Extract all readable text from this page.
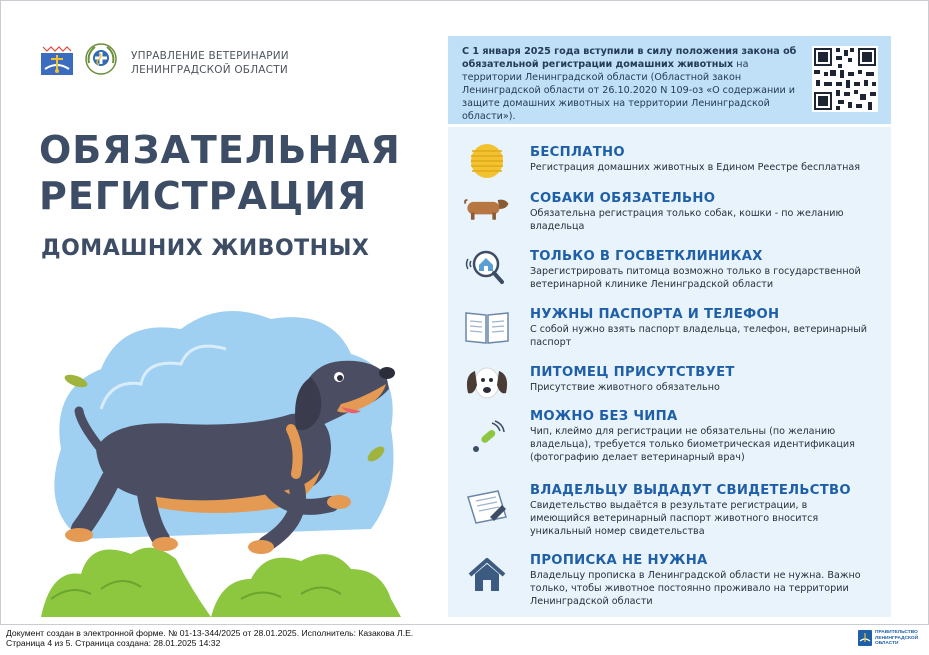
УПРАВЛЕНИЕ ВЕТЕРИНАРИИ
ЛЕНИНГРАДСКОЙ ОБЛАСТИ
ОБЯЗАТЕЛЬНАЯ
РЕГИСТРАЦИЯ
ДОМАШНИХ ЖИВОТНЫХ
С 1 января 2025 года вступили в силу положения закона об обязательной регистрации домашних животных на территории Ленинградской области (Областной закон Ленинградской области от 26.10.2020 N 109-оз «О содержании и защите домашних животных на территории Ленинградской области»).
БЕСПЛАТНО
Регистрация домашних животных в Едином Реестре бесплатная
СОБАКИ ОБЯЗАТЕЛЬНО
Обязательна регистрация только собак, кошки - по желанию владельца
ТОЛЬКО В ГОСВЕТКЛИНИКАХ
Зарегистрировать питомца возможно только в государственной ветеринарной клинике Ленинградской области
НУЖНЫ ПАСПОРТА И ТЕЛЕФОН
С собой нужно взять паспорт владельца, телефон, ветеринарный паспорт
ПИТОМЕЦ ПРИСУТСТВУЕТ
Присутствие животного обязательно
МОЖНО БЕЗ ЧИПА
Чип, клеймо для регистрации не обязательны (по желанию владельца), требуется только биометрическая идентификация (фотографию делает ветеринарный врач)
ВЛАДЕЛЬЦУ ВЫДАДУТ СВИДЕТЕЛЬСТВО
Свидетельство выдаётся в результате регистрации, в имеющийся ветеринарный паспорт животного вносится уникальный номер свидетельства
ПРОПИСКА НЕ НУЖНА
Владельцу прописка в Ленинградской области не нужна. Важно только, чтобы животное постоянно проживало на территории Ленинградской области
Документ создан в электронной форме. № 01-13-344/2025 от 28.01.2025. Исполнитель: Казакова Л.Е.
Страница 4 из 5. Страница создана: 28.01.2025 14:32
ПРАВИТЕЛЬСТВО ЛЕНИНГРАДСКОЙ ОБЛАСТИ
